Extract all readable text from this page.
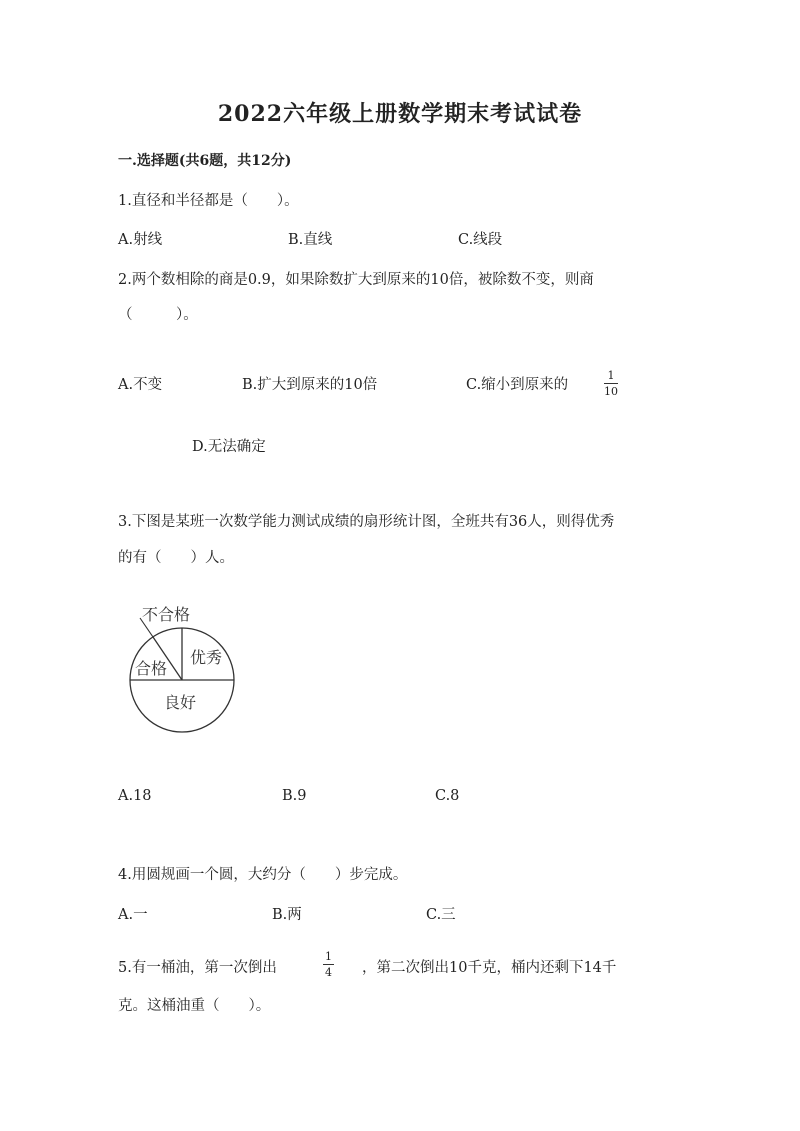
2022六年级上册数学期末考试试卷
一.选择题(共6题，共12分)
1.直径和半径都是（　　）。
A.射线	B.直线	C.线段
2.两个数相除的商是0.9，如果除数扩大到原来的10倍，被除数不变，则商
（　　　）。
A.不变	B.扩大到原来的10倍	C.缩小到原来的
1
10
D.无法确定
3.下图是某班一次数学能力测试成绩的扇形统计图，全班共有36人，则得优秀
的有（　　）人。
不合格
合格
优秀
良好
A.18	B.9	C.8
4.用圆规画一个圆，大约分（　　）步完成。
A.一	B.两	C.三
5.有一桶油，第一次倒出
1
4 ，第二次倒出10千克，桶内还剩下14千
克。这桶油重（　　）。
